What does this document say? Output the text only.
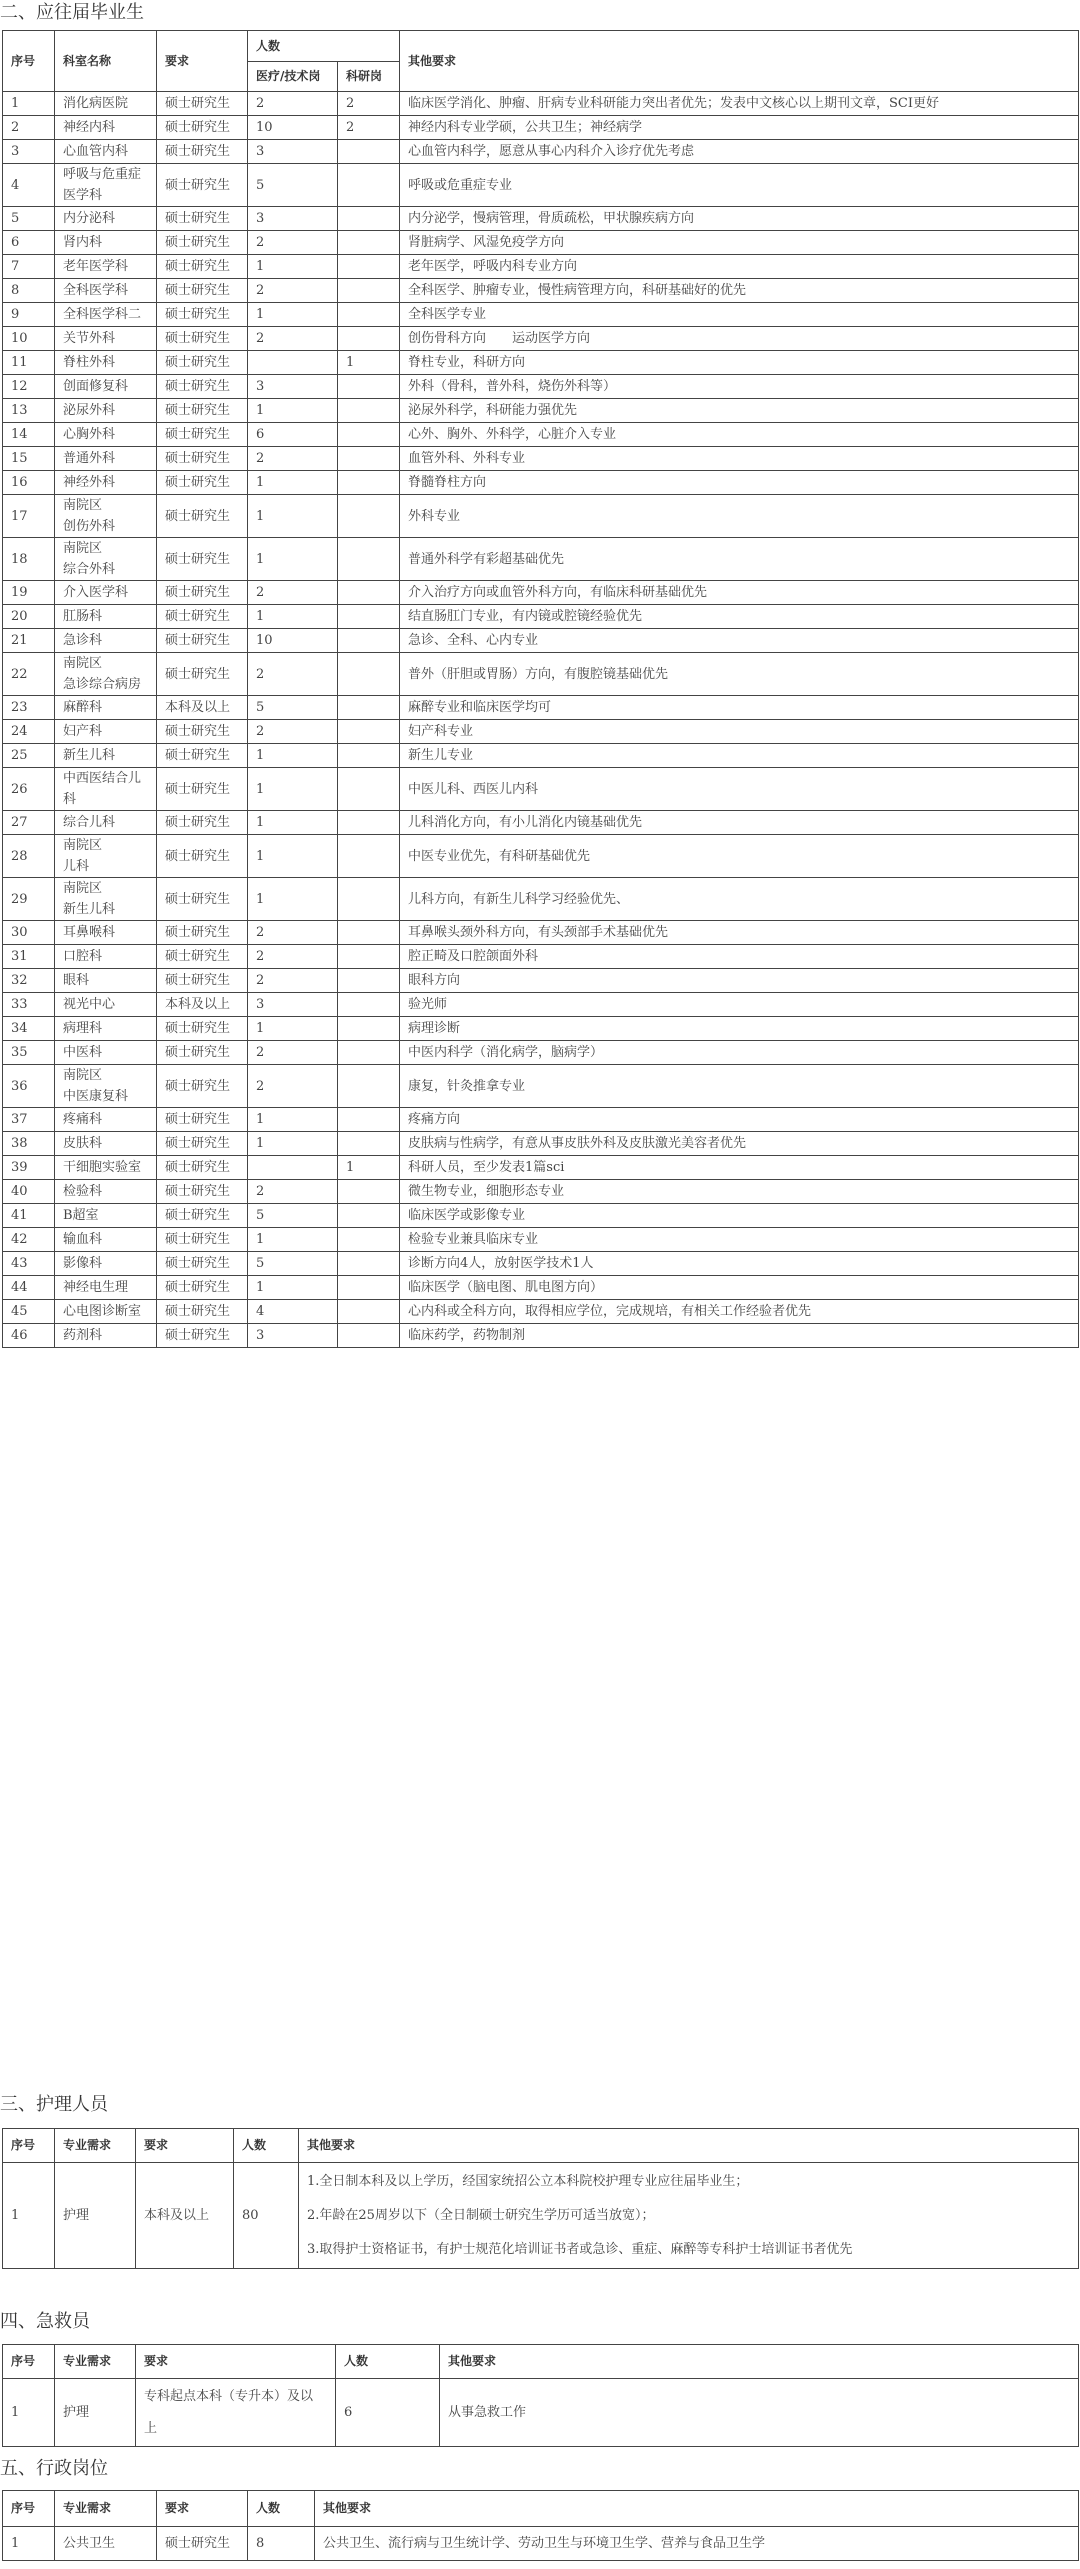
二、应往届毕业生
序号	科室名称	要求	人数		其他要求
			医疗/技术岗	科研岗	
1	消化病医院	硕士研究生	2	2	临床医学消化、肿瘤、肝病专业科研能力突出者优先；发表中文核心以上期刊文章，SCI更好
2	神经内科	硕士研究生	10	2	神经内科专业学硕，公共卫生；神经病学
3	心血管内科	硕士研究生	3		心血管内科学，愿意从事心内科介入诊疗优先考虑
4	呼吸与危重症
医学科	硕士研究生	5		呼吸或危重症专业
5	内分泌科	硕士研究生	3		内分泌学，慢病管理，骨质疏松，甲状腺疾病方向
6	肾内科	硕士研究生	2		肾脏病学、风湿免疫学方向
7	老年医学科	硕士研究生	1		老年医学，呼吸内科专业方向
8	全科医学科	硕士研究生	2		全科医学、肿瘤专业，慢性病管理方向，科研基础好的优先
9	全科医学科二	硕士研究生	1		全科医学专业
10	关节外科	硕士研究生	2		创伤骨科方向　　运动医学方向
11	脊柱外科	硕士研究生		1	脊柱专业，科研方向
12	创面修复科	硕士研究生	3		外科（骨科，普外科，烧伤外科等）
13	泌尿外科	硕士研究生	1		泌尿外科学，科研能力强优先
14	心胸外科	硕士研究生	6		心外、胸外、外科学，心脏介入专业
15	普通外科	硕士研究生	2		血管外科、外科专业
16	神经外科	硕士研究生	1		脊髓脊柱方向
17	南院区
创伤外科	硕士研究生	1		外科专业
18	南院区
综合外科	硕士研究生	1		普通外科学有彩超基础优先
19	介入医学科	硕士研究生	2		介入治疗方向或血管外科方向，有临床科研基础优先
20	肛肠科	硕士研究生	1		结直肠肛门专业，有内镜或腔镜经验优先
21	急诊科	硕士研究生	10		急诊、全科、心内专业
22	南院区
急诊综合病房	硕士研究生	2		普外（肝胆或胃肠）方向，有腹腔镜基础优先
23	麻醉科	本科及以上	5		麻醉专业和临床医学均可
24	妇产科	硕士研究生	2		妇产科专业
25	新生儿科	硕士研究生	1		新生儿专业
26	中西医结合儿
科	硕士研究生	1		中医儿科、西医儿内科
27	综合儿科	硕士研究生	1		儿科消化方向，有小儿消化内镜基础优先
28	南院区
儿科	硕士研究生	1		中医专业优先，有科研基础优先
29	南院区
新生儿科	硕士研究生	1		儿科方向，有新生儿科学习经验优先、
30	耳鼻喉科	硕士研究生	2		耳鼻喉头颈外科方向，有头颈部手术基础优先
31	口腔科	硕士研究生	2		腔正畸及口腔颌面外科
32	眼科	硕士研究生	2		眼科方向
33	视光中心	本科及以上	3		验光师
34	病理科	硕士研究生	1		病理诊断
35	中医科	硕士研究生	2		中医内科学（消化病学，脑病学）
36	南院区
中医康复科	硕士研究生	2		康复，针灸推拿专业
37	疼痛科	硕士研究生	1		疼痛方向
38	皮肤科	硕士研究生	1		皮肤病与性病学，有意从事皮肤外科及皮肤激光美容者优先
39	干细胞实验室	硕士研究生		1	科研人员，至少发表1篇sci
40	检验科	硕士研究生	2		微生物专业，细胞形态专业
41	B超室	硕士研究生	5		临床医学或影像专业
42	输血科	硕士研究生	1		检验专业兼具临床专业
43	影像科	硕士研究生	5		诊断方向4人，放射医学技术1人
44	神经电生理	硕士研究生	1		临床医学（脑电图、肌电图方向）
45	心电图诊断室	硕士研究生	4		心内科或全科方向，取得相应学位，完成规培，有相关工作经验者优先
46	药剂科	硕士研究生	3		临床药学，药物制剂
三、护理人员
序号	专业需求	要求	人数	其他要求
1	护理	本科及以上	80	1.全日制本科及以上学历，经国家统招公立本科院校护理专业应往届毕业生；
2.年龄在25周岁以下（全日制硕士研究生学历可适当放宽）；
3.取得护士资格证书，有护士规范化培训证书者或急诊、重症、麻醉等专科护士培训证书者优先
四、急救员
序号	专业需求	要求	人数	其他要求
1	护理	专科起点本科（专升本）及以
上	6	从事急救工作
五、行政岗位
序号	专业需求	要求	人数	其他要求
1	公共卫生	硕士研究生	8	公共卫生、流行病与卫生统计学、劳动卫生与环境卫生学、营养与食品卫生学
